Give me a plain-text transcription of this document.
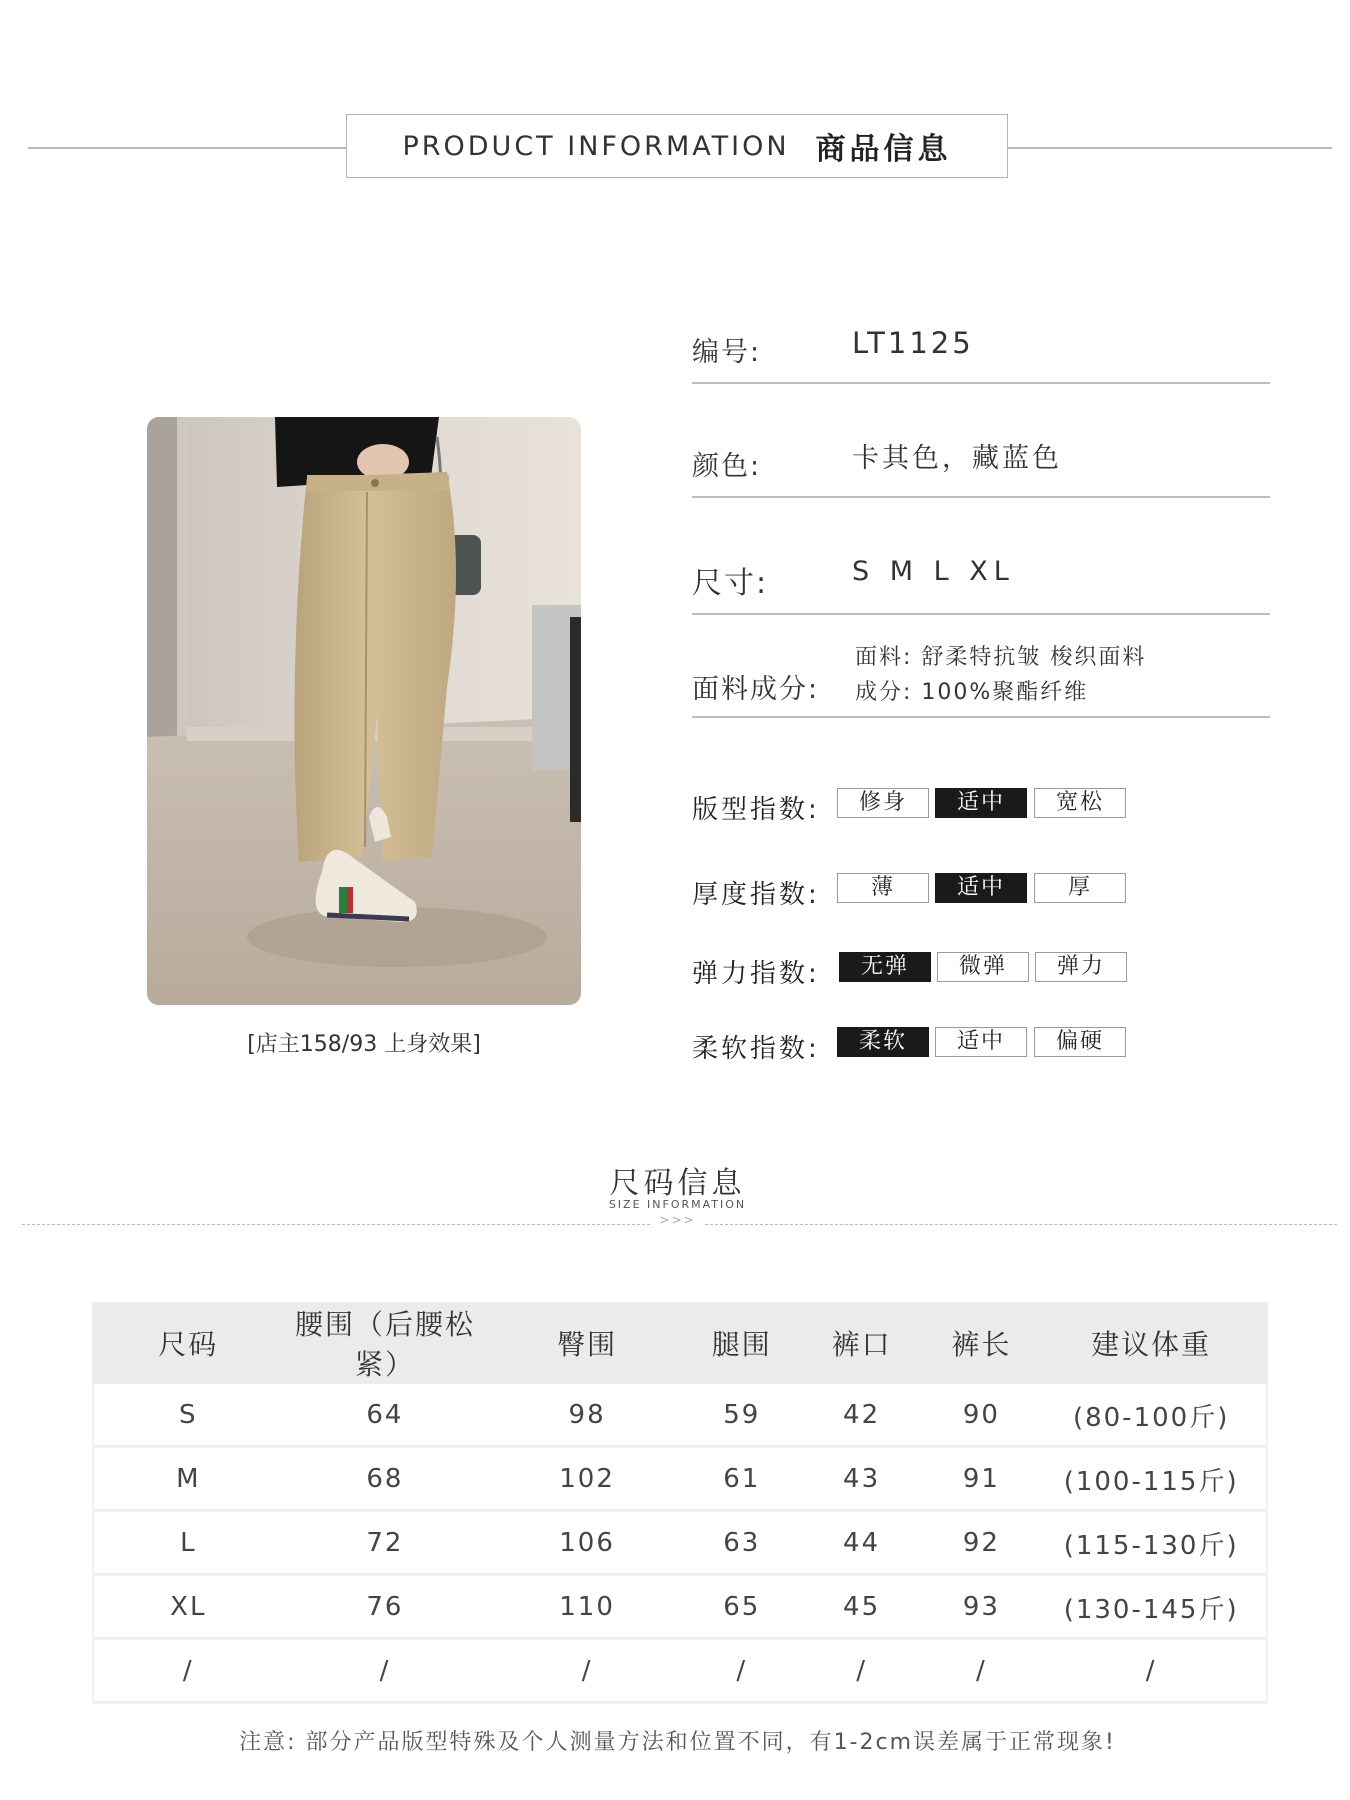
PRODUCT INFORMATION 商品信息
[店主158/93 上身效果]
编号:	LT1125
颜色:	卡其色，藏蓝色
尺寸:	S M L XL
面料成分:
面料: 舒柔特抗皱 梭织面料
成分: 100%聚酯纤维
版型指数:	修身	适中	宽松
厚度指数:	薄	适中	厚
弹力指数:	无弹	微弹	弹力
柔软指数:	柔软	适中	偏硬
尺码信息
SIZE INFORMATION
>>>
尺码	腰围（后腰松紧）	臀围	腿围	裤口	裤长	建议体重
S	64	98	59	42	90	(80-100斤)
M	68	102	61	43	91	(100-115斤)
L	72	106	63	44	92	(115-130斤)
XL	76	110	65	45	93	(130-145斤)
/	/	/	/	/	/	/
注意: 部分产品版型特殊及个人测量方法和位置不同，有1-2cm误差属于正常现象!
